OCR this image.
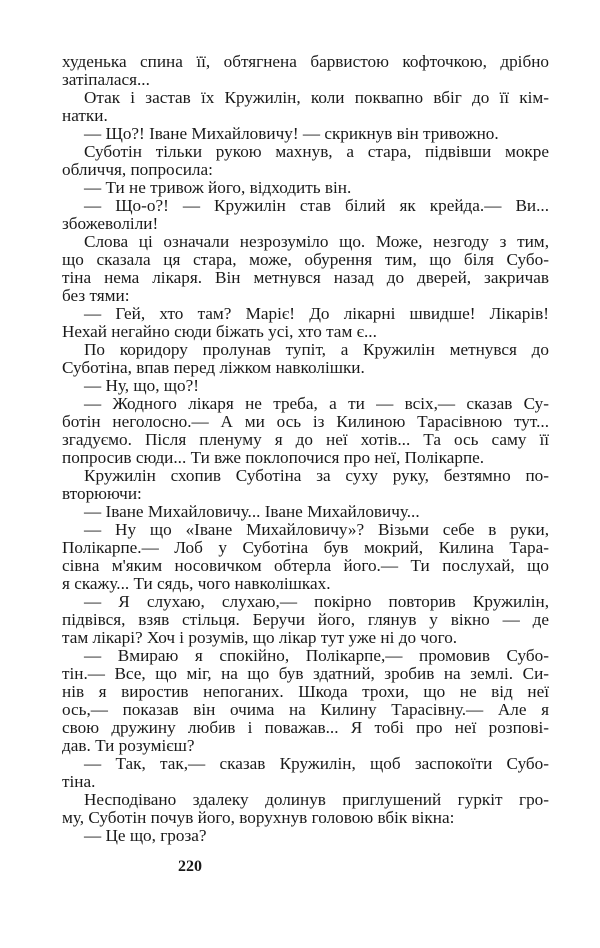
худенька спина її, обтягнена барвистою кофточкою, дрібно
затіпалася...
Отак і застав їх Кружилін, коли поквапно вбіг до її кім-
натки.
— Що?! Іване Михайловичу! — скрикнув він тривожно.
Суботін тільки рукою махнув, а стара, підвівши мокре
обличчя, попросила:
— Ти не тривож його, відходить він.
— Що-о?! — Кружилін став білий як крейда.— Ви...
збожеволіли!
Слова ці означали незрозуміло що. Може, незгоду з тим,
що сказала ця стара, може, обурення тим, що біля Субо-
тіна нема лікаря. Він метнувся назад до дверей, закричав
без тями:
— Гей, хто там? Маріє! До лікарні швидше! Лікарів!
Нехай негайно сюди біжать усі, хто там є...
По коридору пролунав тупіт, а Кружилін метнувся до
Суботіна, впав перед ліжком навколішки.
— Ну, що, що?!
— Жодного лікаря не треба, а ти — всіх,— сказав Су-
ботін неголосно.— А ми ось із Килиною Тарасівною тут...
згадуємо. Після пленуму я до неї хотів... Та ось саму її
попросив сюди... Ти вже поклопочися про неї, Полікарпе.
Кружилін схопив Суботіна за суху руку, безтямно по-
вторюючи:
— Іване Михайловичу... Іване Михайловичу...
— Ну що «Іване Михайловичу»? Візьми себе в руки,
Полікарпе.— Лоб у Суботіна був мокрий, Килина Тара-
сівна м'яким носовичком обтерла його.— Ти послухай, що
я скажу... Ти сядь, чого навколішках.
— Я слухаю, слухаю,— покірно повторив Кружилін,
підвівся, взяв стільця. Беручи його, глянув у вікно — де
там лікарі? Хоч і розумів, що лікар тут уже ні до чого.
— Вмираю я спокійно, Полікарпе,— промовив Субо-
тін.— Все, що міг, на що був здатний, зробив на землі. Си-
нів я виростив непоганих. Шкода трохи, що не від неї
ось,— показав він очима на Килину Тарасівну.— Але я
свою дружину любив і поважав... Я тобі про неї розпові-
дав. Ти розумієш?
— Так, так,— сказав Кружилін, щоб заспокоїти Субо-
тіна.
Несподівано здалеку долинув приглушений гуркіт гро-
му, Суботін почув його, ворухнув головою вбік вікна:
— Це що, гроза?
220
